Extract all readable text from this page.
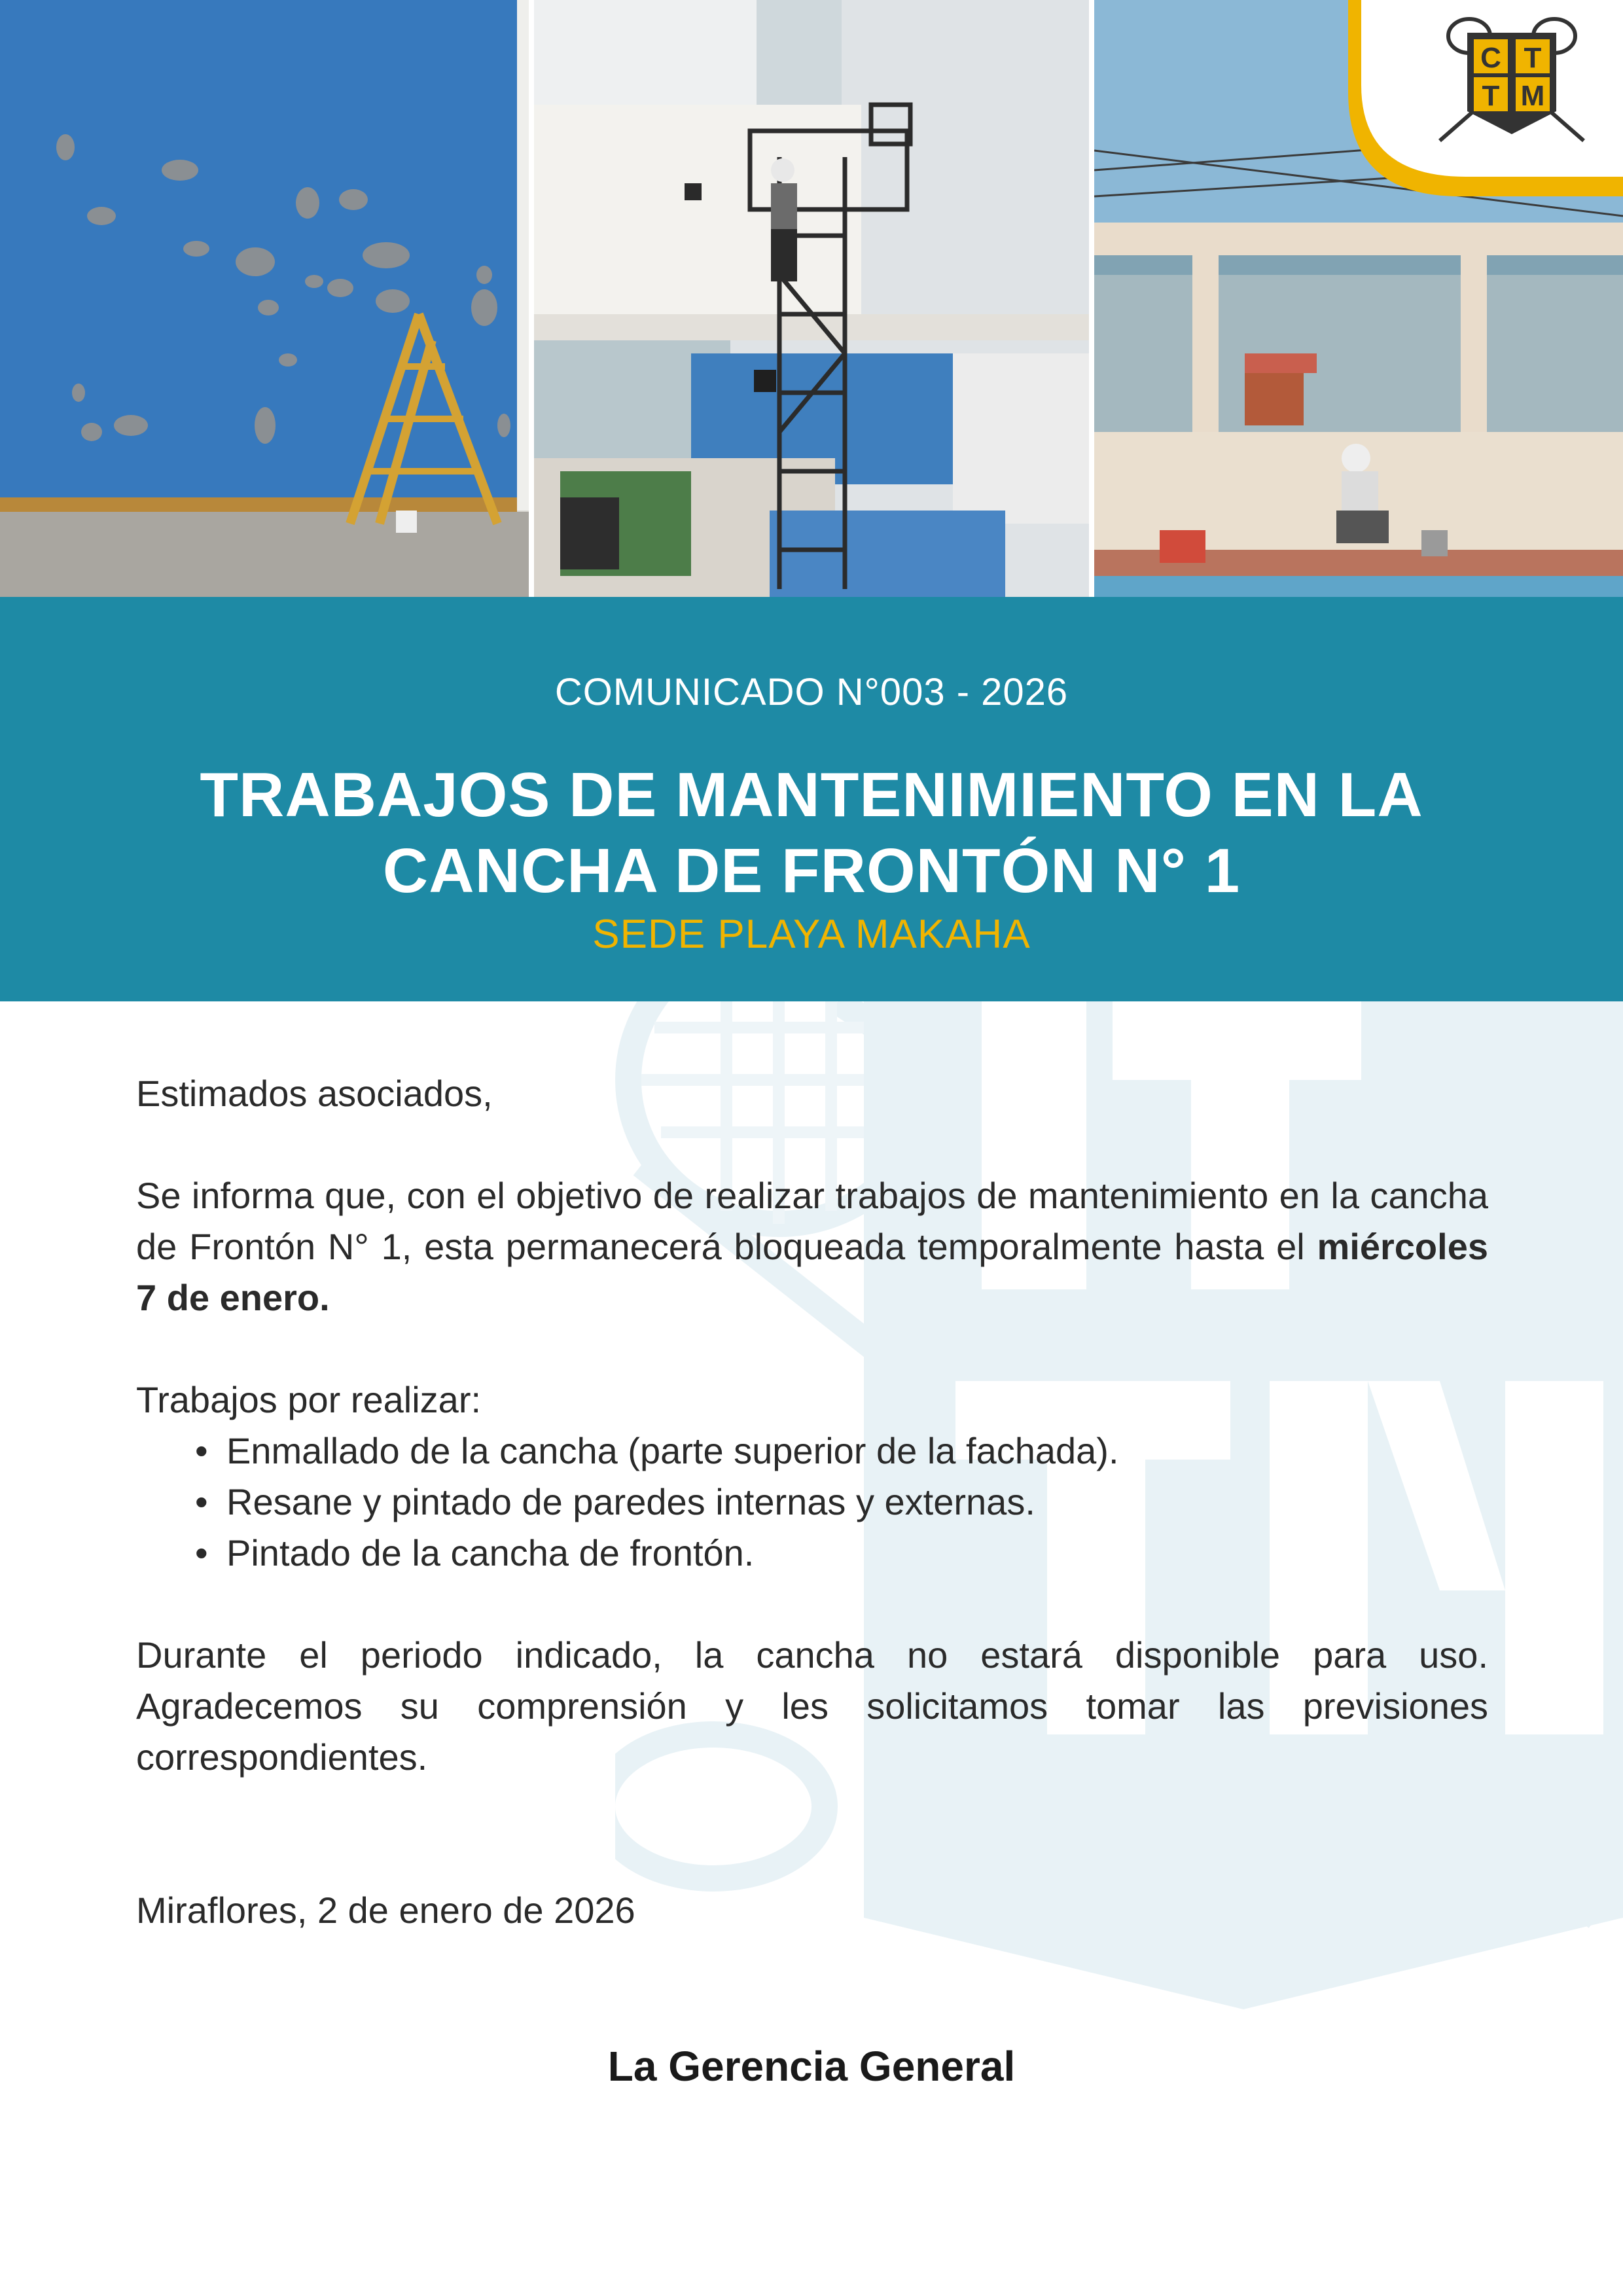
C T
T M
COMUNICADO N°003 - 2026
TRABAJOS DE MANTENIMIENTO EN LA CANCHA DE FRONTÓN N° 1
SEDE PLAYA MAKAHA

Estimados asociados,

Se informa que, con el objetivo de realizar trabajos de mantenimiento en la cancha de Frontón N° 1, esta permanecerá bloqueada temporalmente hasta el miércoles 7 de enero.

Trabajos por realizar:

• Enmallado de la cancha (parte superior de la fachada).
• Resane y pintado de paredes internas y externas.
• Pintado de la cancha de frontón.

Durante el periodo indicado, la cancha no estará disponible para uso. Agradecemos su comprensión y les solicitamos tomar las previsiones correspondientes.

Miraflores, 2 de enero de 2026

La Gerencia General
